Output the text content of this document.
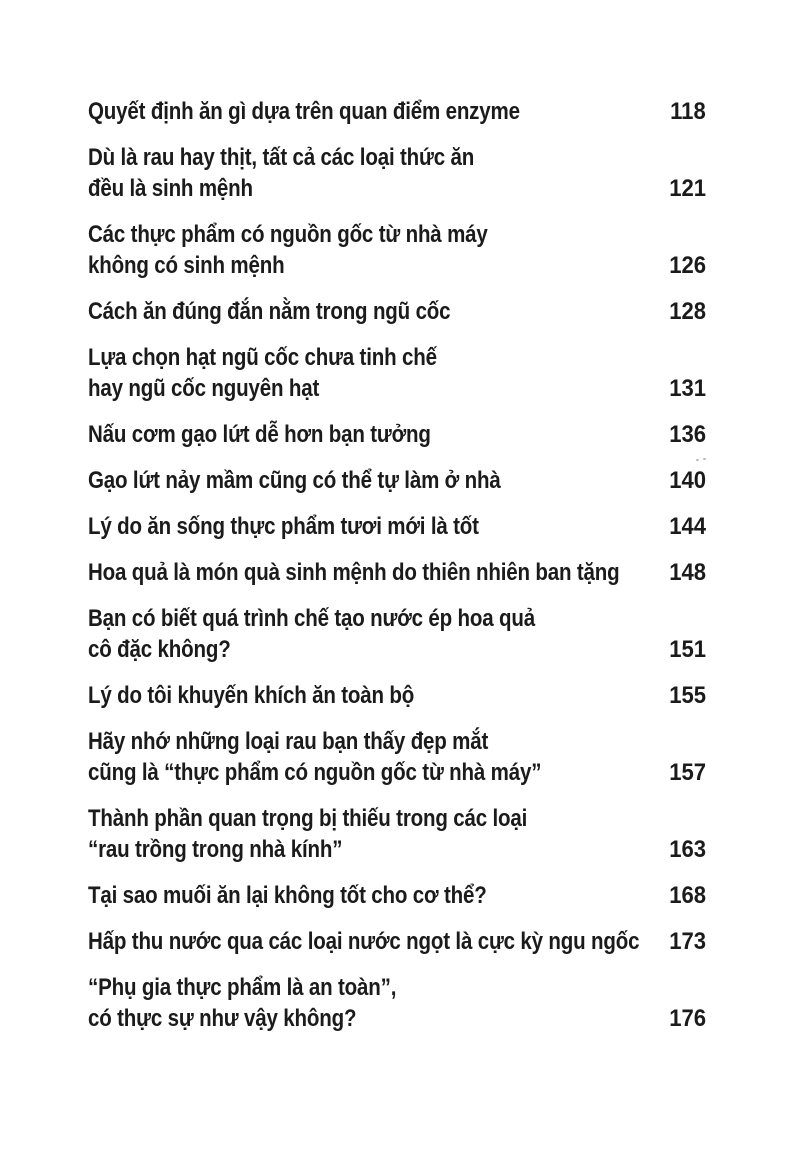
Quyết định ăn gì dựa trên quan điểm enzyme	118
Dù là rau hay thịt, tất cả các loại thức ăn
đều là sinh mệnh	121
Các thực phẩm có nguồn gốc từ nhà máy
không có sinh mệnh	126
Cách ăn đúng đắn nằm trong ngũ cốc	128
Lựa chọn hạt ngũ cốc chưa tinh chế
hay ngũ cốc nguyên hạt	131
Nấu cơm gạo lứt dễ hơn bạn tưởng	136
Gạo lứt nảy mầm cũng có thể tự làm ở nhà	140
Lý do ăn sống thực phẩm tươi mới là tốt	144
Hoa quả là món quà sinh mệnh do thiên nhiên ban tặng 148
Bạn có biết quá trình chế tạo nước ép hoa quả
cô đặc không?	151
Lý do tôi khuyến khích ăn toàn bộ	155
Hãy nhớ những loại rau bạn thấy đẹp mắt
cũng là “thực phẩm có nguồn gốc từ nhà máy”	157
Thành phần quan trọng bị thiếu trong các loại
“rau trồng trong nhà kính”	163
Tại sao muối ăn lại không tốt cho cơ thể?	168
Hấp thu nước qua các loại nước ngọt là cực kỳ ngu ngốc 173
“Phụ gia thực phẩm là an toàn”,
có thực sự như vậy không?	176
